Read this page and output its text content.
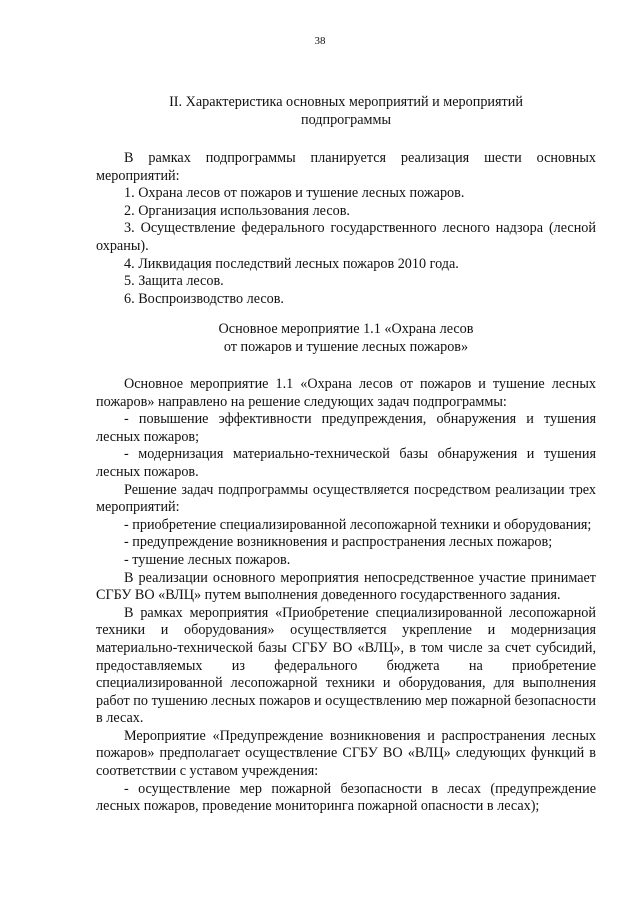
38
II. Характеристика основных мероприятий и мероприятий
подпрограммы

В рамках подпрограммы планируется реализация шести основных мероприятий:

1. Охрана лесов от пожаров и тушение лесных пожаров.

2. Организация использования лесов.

3. Осуществление федерального государственного лесного надзора (лесной охраны).

4. Ликвидация последствий лесных пожаров 2010 года.

5. Защита лесов.

6. Воспроизводство лесов.

Основное мероприятие 1.1 «Охрана лесов
от пожаров и тушение лесных пожаров»

Основное мероприятие 1.1 «Охрана лесов от пожаров и тушение лесных пожаров» направлено на решение следующих задач подпрограммы:

- повышение эффективности предупреждения, обнаружения и тушения лесных пожаров;

- модернизация материально-технической базы обнаружения и тушения лесных пожаров.

Решение задач подпрограммы осуществляется посредством реализации трех мероприятий:

- приобретение специализированной лесопожарной техники и оборудования;

- предупреждение возникновения и распространения лесных пожаров;

- тушение лесных пожаров.

В реализации основного мероприятия непосредственное участие принимает СГБУ ВО «ВЛЦ» путем выполнения доведенного государственного задания.

В рамках мероприятия «Приобретение специализированной лесопожарной техники и оборудования» осуществляется укрепление и модернизация материально-технической базы СГБУ ВО «ВЛЦ», в том числе за счет субсидий, предоставляемых из федерального бюджета на приобретение специализированной лесопожарной техники и оборудования, для выполнения работ по тушению лесных пожаров и осуществлению мер пожарной безопасности в лесах.

Мероприятие «Предупреждение возникновения и распространения лесных пожаров» предполагает осуществление СГБУ ВО «ВЛЦ» следующих функций в соответствии с уставом учреждения:

- осуществление мер пожарной безопасности в лесах (предупреждение лесных пожаров, проведение мониторинга пожарной опасности в лесах);
